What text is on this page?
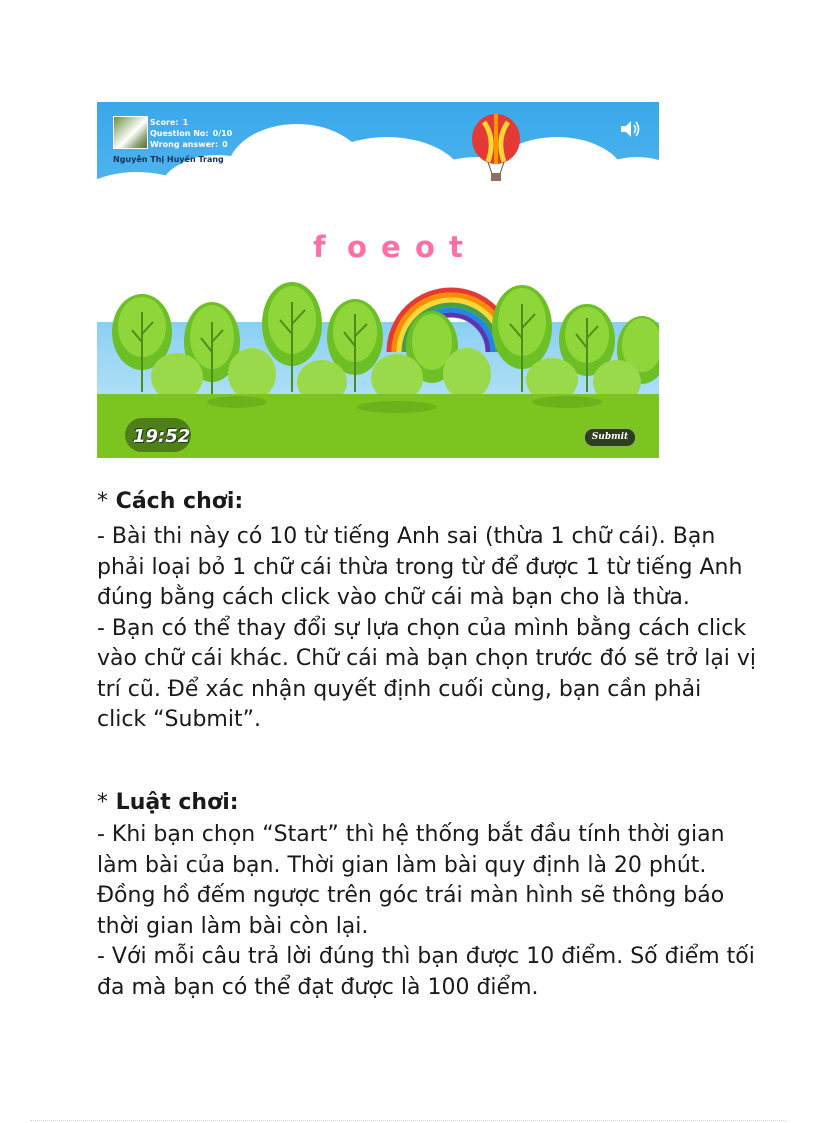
Score: 1
Question No: 0/10
Wrong answer: 0
Nguyễn Thị Huyền Trang
f o e o t
19:52	Submit
* Cách chơi:
- Bài thi này có 10 từ tiếng Anh sai (thừa 1 chữ cái). Bạn phải loại bỏ 1 chữ cái thừa trong từ để được 1 từ tiếng Anh đúng bằng cách click vào chữ cái mà bạn cho là thừa.
- Bạn có thể thay đổi sự lựa chọn của mình bằng cách click vào chữ cái khác. Chữ cái mà bạn chọn trước đó sẽ trở lại vị trí cũ. Để xác nhận quyết định cuối cùng, bạn cần phải click “Submit”.
* Luật chơi:
- Khi bạn chọn “Start” thì hệ thống bắt đầu tính thời gian làm bài của bạn. Thời gian làm bài quy định là 20 phút. Đồng hồ đếm ngược trên góc trái màn hình sẽ thông báo thời gian làm bài còn lại.
- Với mỗi câu trả lời đúng thì bạn được 10 điểm. Số điểm tối đa mà bạn có thể đạt được là 100 điểm.
